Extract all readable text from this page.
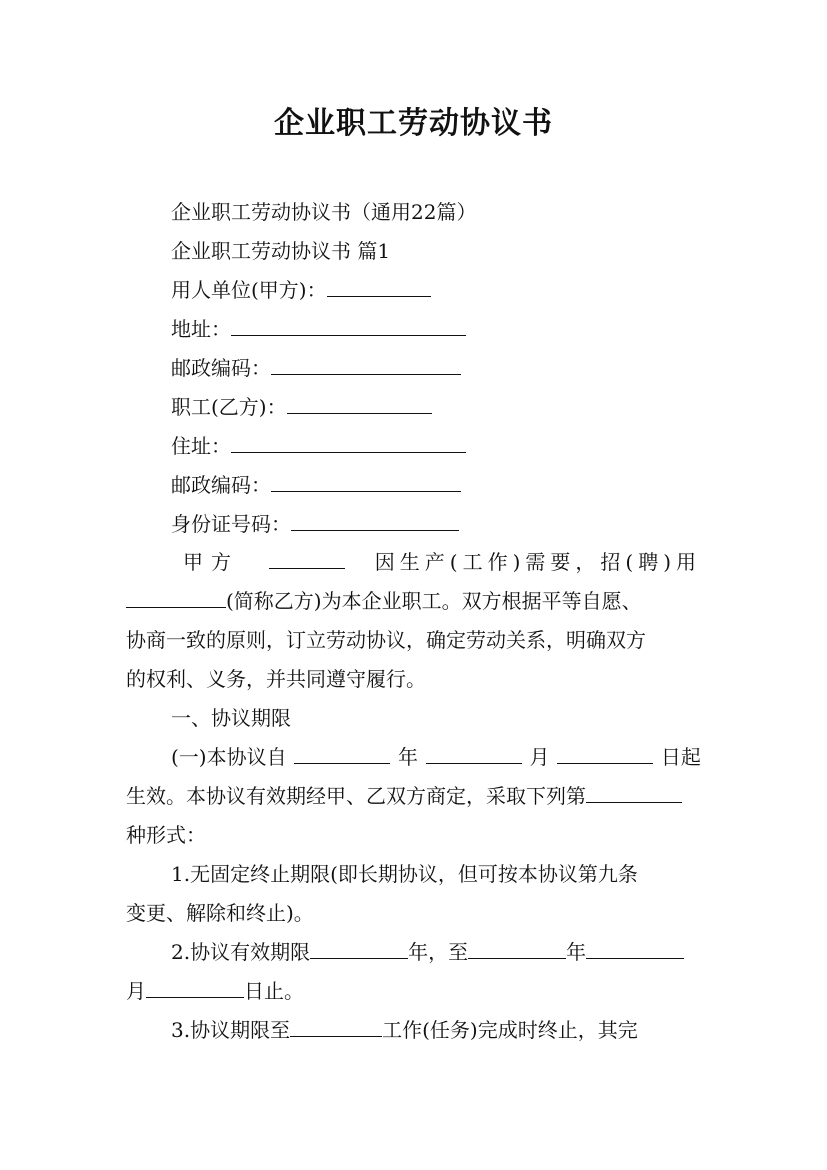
企业职工劳动协议书
企业职工劳动协议书（通用22篇）
企业职工劳动协议书 篇1
用人单位(甲方)：
地址：
邮政编码：
职工(乙方)：
住址：
邮政编码：
身份证号码：
甲方	因生产(工作)需要，招(聘)用
(简称乙方)为本企业职工。双方根据平等自愿、
协商一致的原则，订立劳动协议，确定劳动关系，明确双方
的权利、义务，并共同遵守履行。
一、协议期限
(一)本协议自	年	月	日起
生效。本协议有效期经甲、乙双方商定，采取下列第
种形式：
1.无固定终止期限(即长期协议，但可按本协议第九条
变更、解除和终止)。
2.协议有效期限	年，至	年
月	日止。
3.协议期限至	工作(任务)完成时终止，其完
